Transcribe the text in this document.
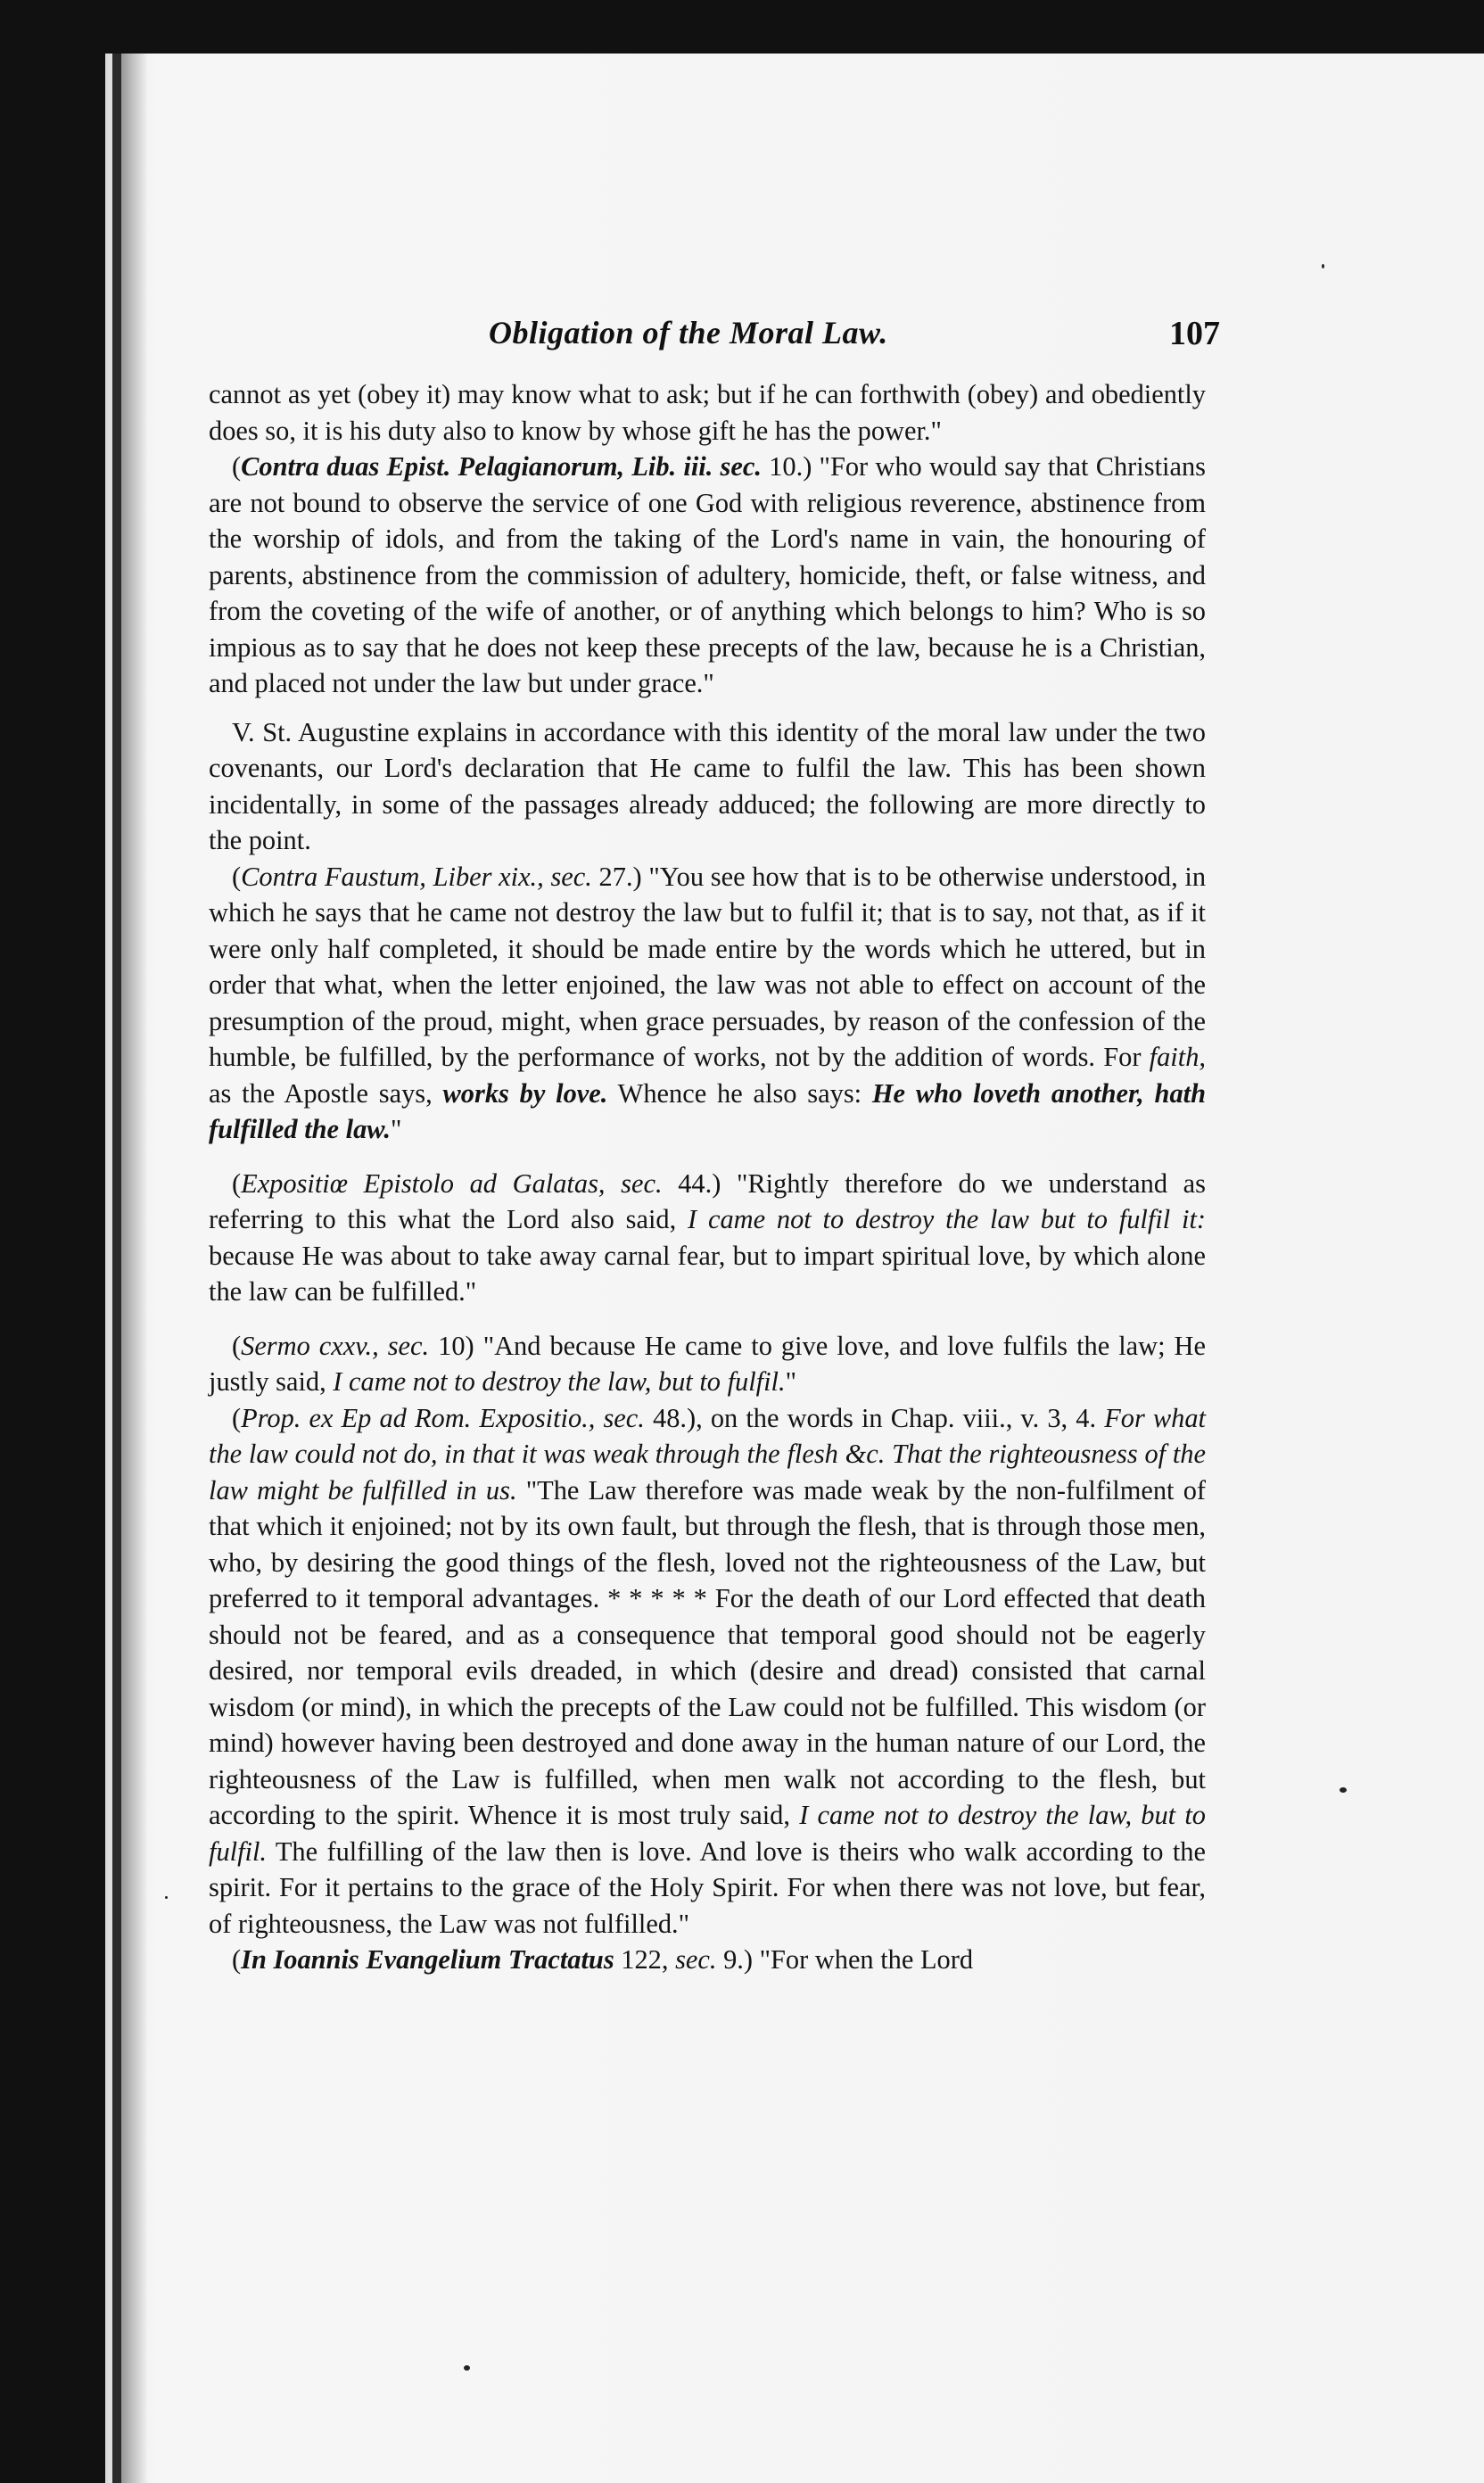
Obligation of the Moral Law.	107

cannot as yet (obey it) may know what to ask; but if he can forthwith (obey) and obediently does so, it is his duty also to know by whose gift he has the power."

(Contra duas Epist. Pelagianorum, Lib. iii. sec. 10.) "For who would say that Christians are not bound to observe the service of one God with religious reverence, abstinence from the worship of idols, and from the taking of the Lord's name in vain, the honouring of parents, abstinence from the commission of adultery, homicide, theft, or false witness, and from the coveting of the wife of another, or of anything which belongs to him? Who is so impious as to say that he does not keep these precepts of the law, because he is a Christian, and placed not under the law but under grace."

V. St. Augustine explains in accordance with this identity of the moral law under the two covenants, our Lord's declaration that He came to fulfil the law. This has been shown incidentally, in some of the passages already adduced; the following are more directly to the point.

(Contra Faustum, Liber xix., sec. 27.) "You see how that is to be otherwise understood, in which he says that he came not destroy the law but to fulfil it; that is to say, not that, as if it were only half completed, it should be made entire by the words which he uttered, but in order that what, when the letter enjoined, the law was not able to effect on account of the presumption of the proud, might, when grace persuades, by reason of the confession of the humble, be fulfilled, by the performance of works, not by the addition of words. For faith, as the Apostle says, works by love. Whence he also says: He who loveth another, hath fulfilled the law."

(Expositiœ Epistolo ad Galatas, sec. 44.) "Rightly therefore do we understand as referring to this what the Lord also said, I came not to destroy the law but to fulfil it: because He was about to take away carnal fear, but to impart spiritual love, by which alone the law can be fulfilled."

(Sermo cxxv., sec. 10) "And because He came to give love, and love fulfils the law; He justly said, I came not to destroy the law, but to fulfil."

(Prop. ex Ep ad Rom. Expositio., sec. 48.), on the words in Chap. viii., v. 3, 4. For what the law could not do, in that it was weak through the flesh &c. That the righteousness of the law might be fulfilled in us. "The Law therefore was made weak by the non-fulfilment of that which it enjoined; not by its own fault, but through the flesh, that is through those men, who, by desiring the good things of the flesh, loved not the righteousness of the Law, but preferred to it temporal advantages. * * * * * For the death of our Lord effected that death should not be feared, and as a consequence that temporal good should not be eagerly desired, nor temporal evils dreaded, in which (desire and dread) consisted that carnal wisdom (or mind), in which the precepts of the Law could not be fulfilled. This wisdom (or mind) however having been destroyed and done away in the human nature of our Lord, the righteousness of the Law is fulfilled, when men walk not according to the flesh, but according to the spirit. Whence it is most truly said, I came not to destroy the law, but to fulfil. The fulfilling of the law then is love. And love is theirs who walk according to the spirit. For it pertains to the grace of the Holy Spirit. For when there was not love, but fear, of righteousness, the Law was not fulfilled."

(In Ioannis Evangelium Tractatus 122, sec. 9.) "For when the Lord
